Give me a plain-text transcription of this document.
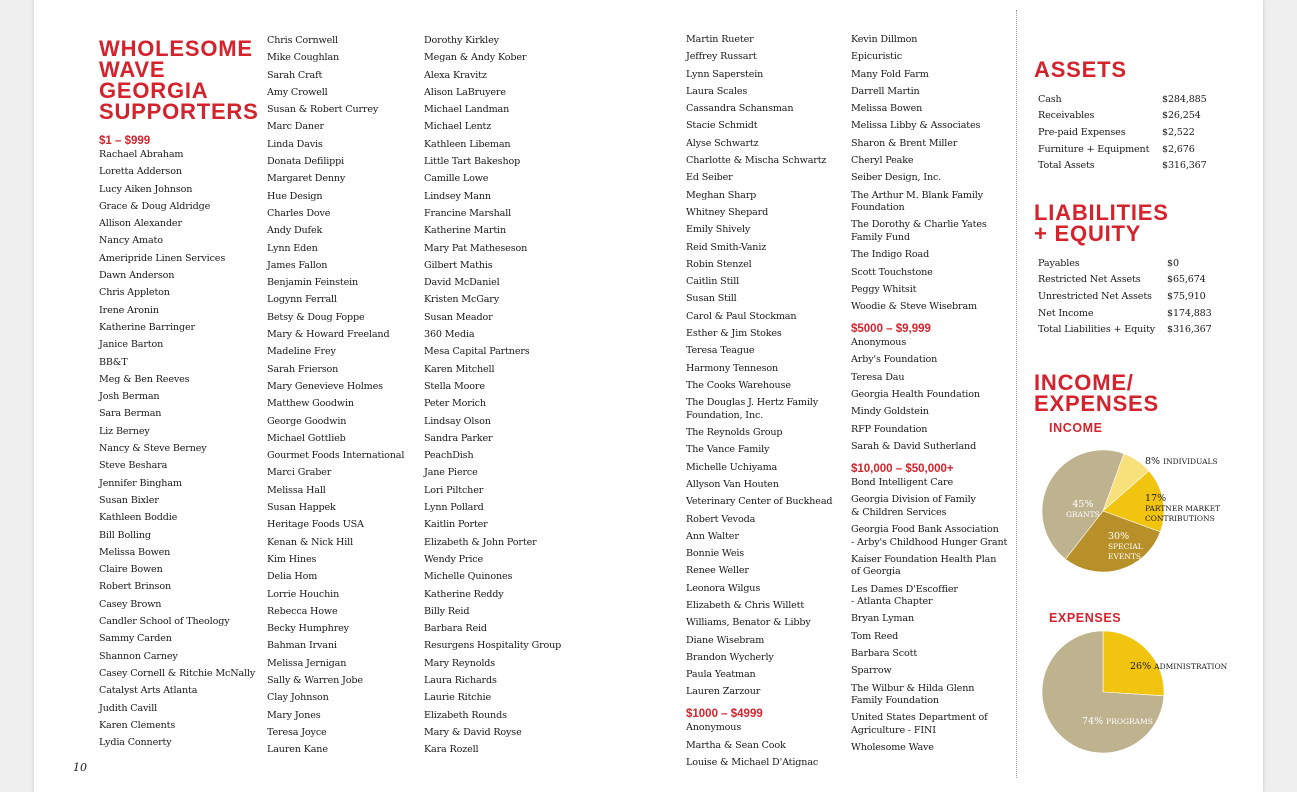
WHOLESOME
WAVE
GEORGIA
SUPPORTERS
$1 – $999
Rachael Abraham
Loretta Adderson
Lucy Aiken Johnson
Grace & Doug Aldridge
Allison Alexander
Nancy Amato
Ameripride Linen Services
Dawn Anderson
Chris Appleton
Irene Aronin
Katherine Barringer
Janice Barton
BB&T
Meg & Ben Reeves
Josh Berman
Sara Berman
Liz Berney
Nancy & Steve Berney
Steve Beshara
Jennifer Bingham
Susan Bixler
Kathleen Boddie
Bill Bolling
Melissa Bowen
Claire Bowen
Robert Brinson
Casey Brown
Candler School of Theology
Sammy Carden
Shannon Carney
Casey Cornell & Ritchie McNally
Catalyst Arts Atlanta
Judith Cavill
Karen Clements
Lydia Connerty
Chris Cornwell
Mike Coughlan
Sarah Craft
Amy Crowell
Susan & Robert Currey
Marc Daner
Linda Davis
Donata Defilippi
Margaret Denny
Hue Design
Charles Dove
Andy Dufek
Lynn Eden
James Fallon
Benjamin Feinstein
Logynn Ferrall
Betsy & Doug Foppe
Mary & Howard Freeland
Madeline Frey
Sarah Frierson
Mary Genevieve Holmes
Matthew Goodwin
George Goodwin
Michael Gottlieb
Gourmet Foods International
Marci Graber
Melissa Hall
Susan Happek
Heritage Foods USA
Kenan & Nick Hill
Kim Hines
Delia Hom
Lorrie Houchin
Rebecca Howe
Becky Humphrey
Bahman Irvani
Melissa Jernigan
Sally & Warren Jobe
Clay Johnson
Mary Jones
Teresa Joyce
Lauren Kane
Dorothy Kirkley
Megan & Andy Kober
Alexa Kravitz
Alison LaBruyere
Michael Landman
Michael Lentz
Kathleen Libeman
Little Tart Bakeshop
Camille Lowe
Lindsey Mann
Francine Marshall
Katherine Martin
Mary Pat Matheseson
Gilbert Mathis
David McDaniel
Kristen McGary
Susan Meador
360 Media
Mesa Capital Partners
Karen Mitchell
Stella Moore
Peter Morich
Lindsay Olson
Sandra Parker
PeachDish
Jane Pierce
Lori Piltcher
Lynn Pollard
Kaitlin Porter
Elizabeth & John Porter
Wendy Price
Michelle Quinones
Katherine Reddy
Billy Reid
Barbara Reid
Resurgens Hospitality Group
Mary Reynolds
Laura Richards
Laurie Ritchie
Elizabeth Rounds
Mary & David Royse
Kara Rozell
Martin Rueter
Jeffrey Russart
Lynn Saperstein
Laura Scales
Cassandra Schansman
Stacie Schmidt
Alyse Schwartz
Charlotte & Mischa Schwartz
Ed Seiber
Meghan Sharp
Whitney Shepard
Emily Shively
Reid Smith-Vaniz
Robin Stenzel
Caitlin Still
Susan Still
Carol & Paul Stockman
Esther & Jim Stokes
Teresa Teague
Harmony Tenneson
The Cooks Warehouse
The Douglas J. Hertz Family
Foundation, Inc.
The Reynolds Group
The Vance Family
Michelle Uchiyama
Allyson Van Houten
Veterinary Center of Buckhead
Robert Vevoda
Ann Walter
Bonnie Weis
Renee Weller
Leonora Wilgus
Elizabeth & Chris Willett
Williams, Benator & Libby
Diane Wisebram
Brandon Wycherly
Paula Yeatman
Lauren Zarzour
$1000 – $4999
Anonymous
Martha & Sean Cook
Louise & Michael D'Atignac
Kevin Dillmon
Epicuristic
Many Fold Farm
Darrell Martin
Melissa Bowen
Melissa Libby & Associates
Sharon & Brent Miller
Cheryl Peake
Seiber Design, Inc.
The Arthur M. Blank Family
Foundation
The Dorothy & Charlie Yates
Family Fund
The Indigo Road
Scott Touchstone
Peggy Whitsit
Woodie & Steve Wisebram
$5000 – $9,999
Anonymous
Arby's Foundation
Teresa Dau
Georgia Health Foundation
Mindy Goldstein
RFP Foundation
Sarah & David Sutherland
$10,000 – $50,000+
Bond Intelligent Care
Georgia Division of Family
& Children Services
Georgia Food Bank Association
- Arby's Childhood Hunger Grant
Kaiser Foundation Health Plan
of Georgia
Les Dames D'Escoffier
- Atlanta Chapter
Bryan Lyman
Tom Reed
Barbara Scott
Sparrow
The Wilbur & Hilda Glenn
Family Foundation
United States Department of
Agriculture - FINI
Wholesome Wave
10
ASSETS
Cash	$284,885
Receivables	$26,254
Pre-paid Expenses	$2,522
Furniture + Equipment	$2,676
Total Assets	$316,367
LIABILITIES
+ EQUITY
Payables	$0
Restricted Net Assets	$65,674
Unrestricted Net Assets	$75,910
Net Income	$174,883
Total Liabilities + Equity	$316,367
INCOME/
EXPENSES
INCOME
EXPENSES
8% INDIVIDUALS
17%
PARTNER MARKET
CONTRIBUTIONS
30%
SPECIAL
EVENTS
45%
GRANTS
26% ADMINISTRATION
74% PROGRAMS
